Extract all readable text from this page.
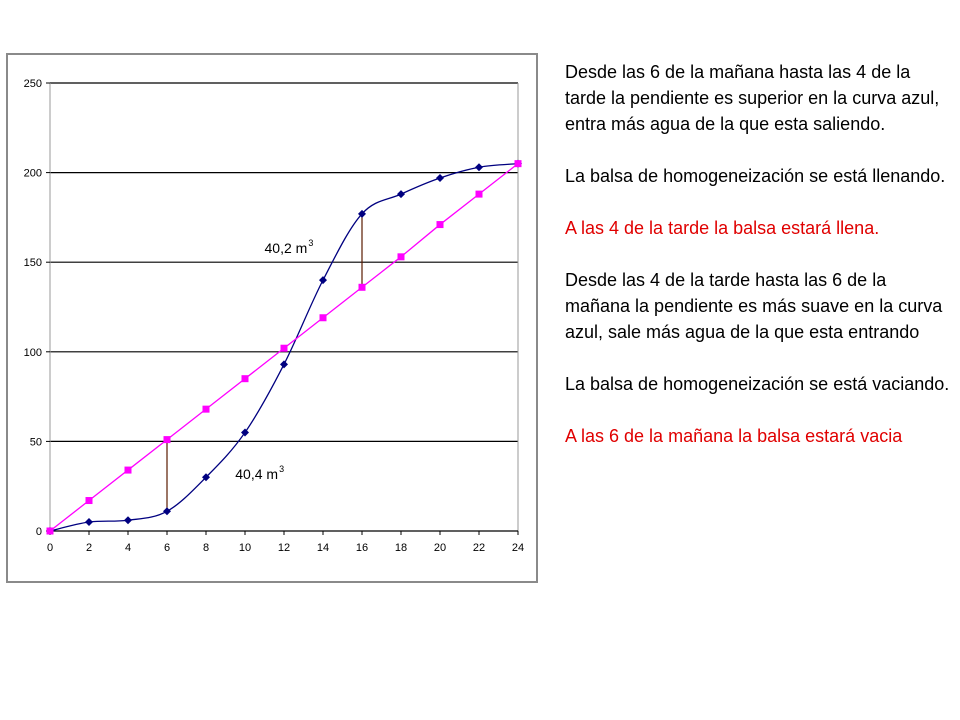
0
50
100
150
200
250
0	2	4	6	8	10 12 14 16 18 20 22 24
40,2 m 3
40,4 m 3

Desde las 6 de la mañana hasta las 4 de la tarde la pendiente es superior en la curva azul, entra más agua de la que esta saliendo.

La balsa de homogeneización se está llenando.

A las 4 de la tarde la balsa estará llena.

Desde las 4 de la tarde hasta las 6 de la mañana la pendiente es más suave en la curva azul, sale más agua de la que esta entrando

La balsa de homogeneización se está vaciando.

A las 6 de la mañana la balsa estará vacia
